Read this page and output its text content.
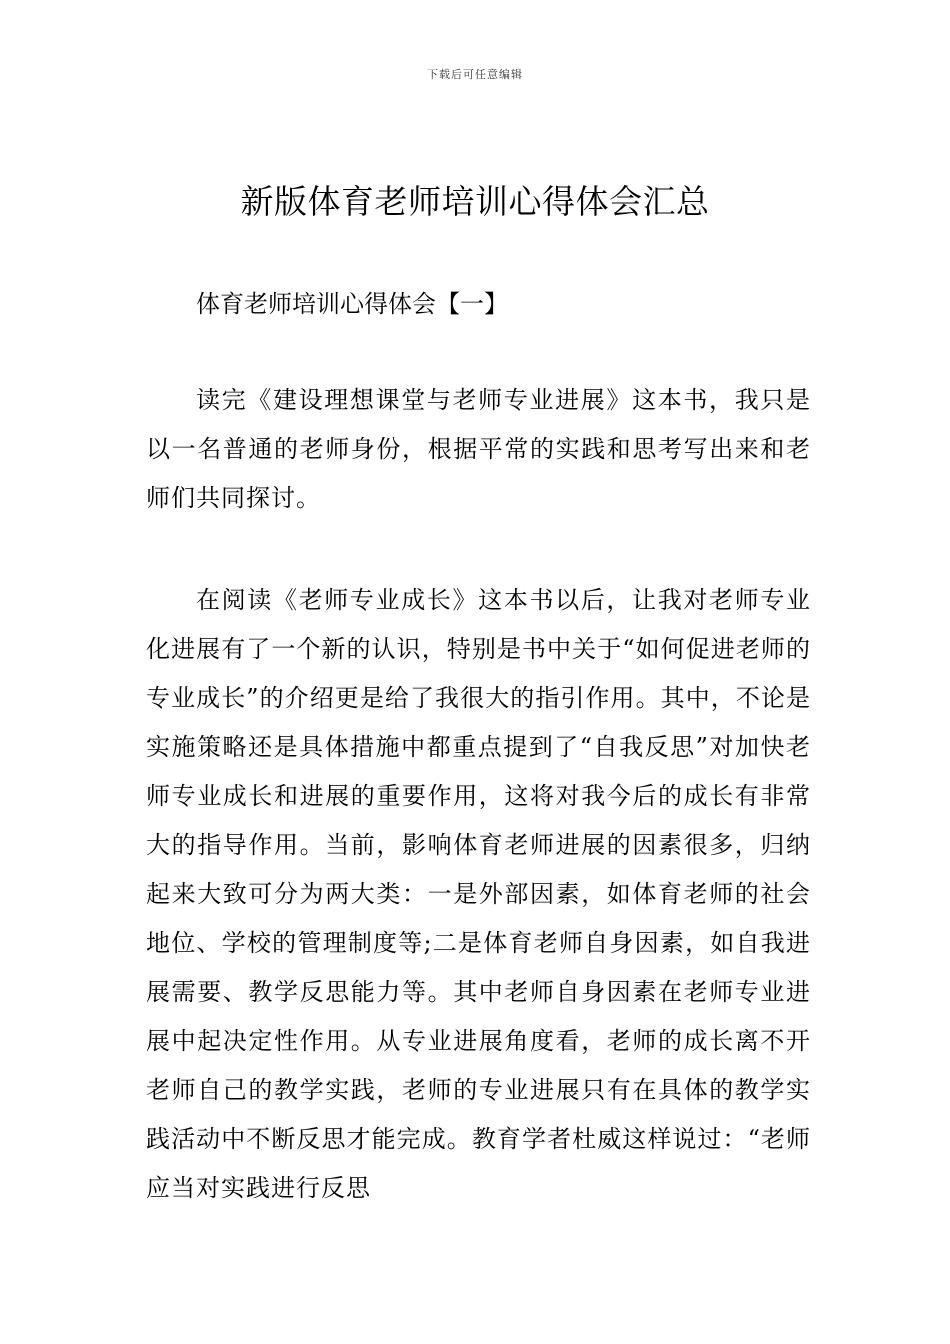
下载后可任意编辑
新版体育老师培训心得体会汇总
体育老师培训心得体会【一】

读完《建设理想课堂与老师专业进展》这本书，我只是以一名普通的老师身份，根据平常的实践和思考写出来和老师们共同探讨。

在阅读《老师专业成长》这本书以后，让我对老师专业化进展有了一个新的认识，特别是书中关于“如何促进老师的专业成长”的介绍更是给了我很大的指引作用。其中，不论是实施策略还是具体措施中都重点提到了“自我反思”对加快老师专业成长和进展的重要作用，这将对我今后的成长有非常大的指导作用。当前，影响体育老师进展的因素很多，归纳起来大致可分为两大类：一是外部因素，如体育老师的社会地位、学校的管理制度等;二是体育老师自身因素，如自我进展需要、教学反思能力等。其中老师自身因素在老师专业进展中起决定性作用。从专业进展角度看，老师的成长离不开老师自己的教学实践，老师的专业进展只有在具体的教学实践活动中不断反思才能完成。教育学者杜威这样说过：“老师应当对实践进行反思
